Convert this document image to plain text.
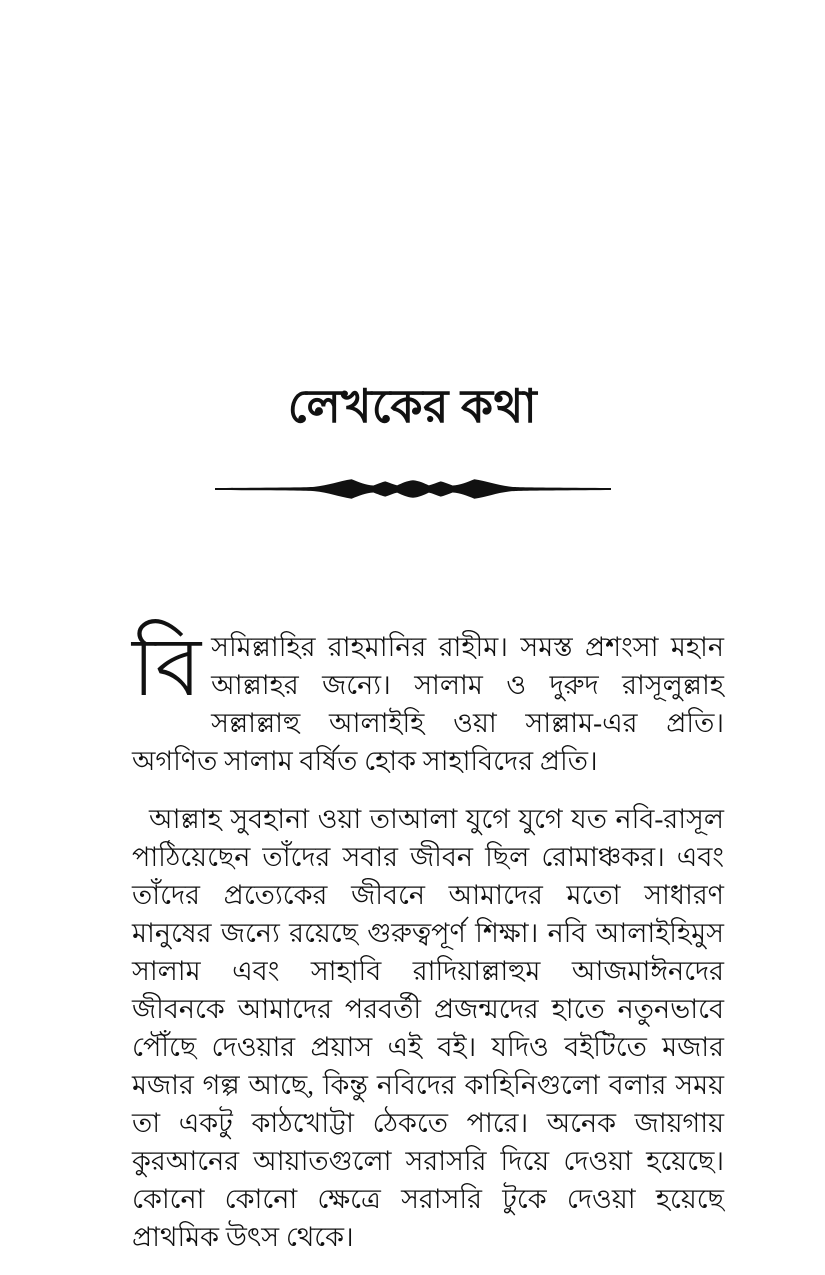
লেখকের কথা

বিসমিল্লাহির রাহমানির রাহীম। সমস্ত প্রশংসা মহান আল্লাহর জন্যে। সালাম ও দুরুদ রাসূলুল্লাহ সল্লাল্লাহু আলাইহি ওয়া সাল্লাম-এর প্রতি। অগণিত সালাম বর্ষিত হোক সাহাবিদের প্রতি।

আল্লাহ সুবহানা ওয়া তাআলা যুগে যুগে যত নবি-রাসূল পাঠিয়েছেন তাঁদের সবার জীবন ছিল রোমাঞ্চকর। এবং তাঁদের প্রত্যেকের জীবনে আমাদের মতো সাধারণ মানুষের জন্যে রয়েছে গুরুত্বপূর্ণ শিক্ষা। নবি আলাইহিমুস সালাম এবং সাহাবি রাদিয়াল্লাহুম আজমাঈনদের জীবনকে আমাদের পরবর্তী প্রজন্মদের হাতে নতুনভাবে পৌঁছে দেওয়ার প্রয়াস এই বই। যদিও বইটিতে মজার মজার গল্প আছে, কিন্তু নবিদের কাহিনিগুলো বলার সময় তা একটু কাঠখোট্টা ঠেকতে পারে। অনেক জায়গায় কুরআনের আয়াতগুলো সরাসরি দিয়ে দেওয়া হয়েছে। কোনো কোনো ক্ষেত্রে সরাসরি টুকে দেওয়া হয়েছে প্রাথমিক উৎস থেকে।
